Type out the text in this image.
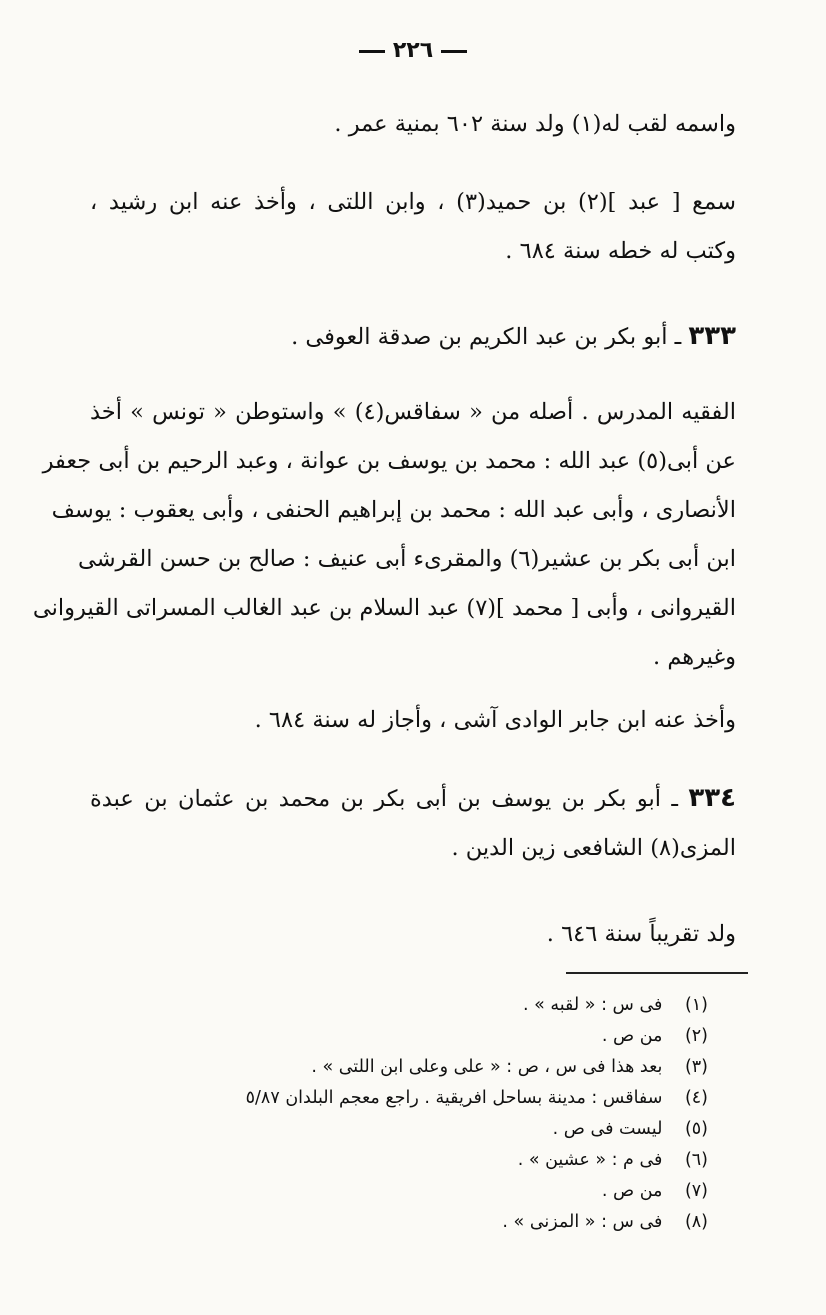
٢٢٦
واسمه لقب له(١) ولد سنة ٦٠٢ بمنية عمر .
سمع [ عبد ](٢) بن حميد(٣) ، وابن اللتى ، وأخذ عنه ابن رشيد ،
وكتب له خطه سنة ٦٨٤ .
٣٣٣ ـ أبو بكر بن عبد الكريم بن صدقة العوفى .
الفقيه المدرس . أصله من « سفاقس(٤) » واستوطن « تونس » أخذ
عن أبى(٥) عبد الله : محمد بن يوسف بن عوانة ، وعبد الرحيم بن أبى جعفر
الأنصارى ، وأبى عبد الله : محمد بن إبراهيم الحنفى ، وأبى يعقوب : يوسف
ابن أبى بكر بن عشير(٦) والمقرىء أبى عنيف : صالح بن حسن القرشى
القيروانى ، وأبى [ محمد ](٧) عبد السلام بن عبد الغالب المسراتى القيروانى
وغيرهم .
وأخذ عنه ابن جابر الوادى آشى ، وأجاز له سنة ٦٨٤ .
٣٣٤ ـ أبو بكر بن يوسف بن أبى بكر بن محمد بن عثمان بن عبدة
المزى(٨) الشافعى زين الدين .
ولد تقريباً سنة ٦٤٦ .
(١) فى س : « لقبه » .
(٢) من ص .
(٣) بعد هذا فى س ، ص : « على وعلى ابن اللتى » .
(٤) سفاقس : مدينة بساحل افريقية . راجع معجم البلدان ٥/٨٧
(٥) ليست فى ص .
(٦) فى م : « عشين » .
(٧) من ص .
(٨) فى س : « المزنى » .
